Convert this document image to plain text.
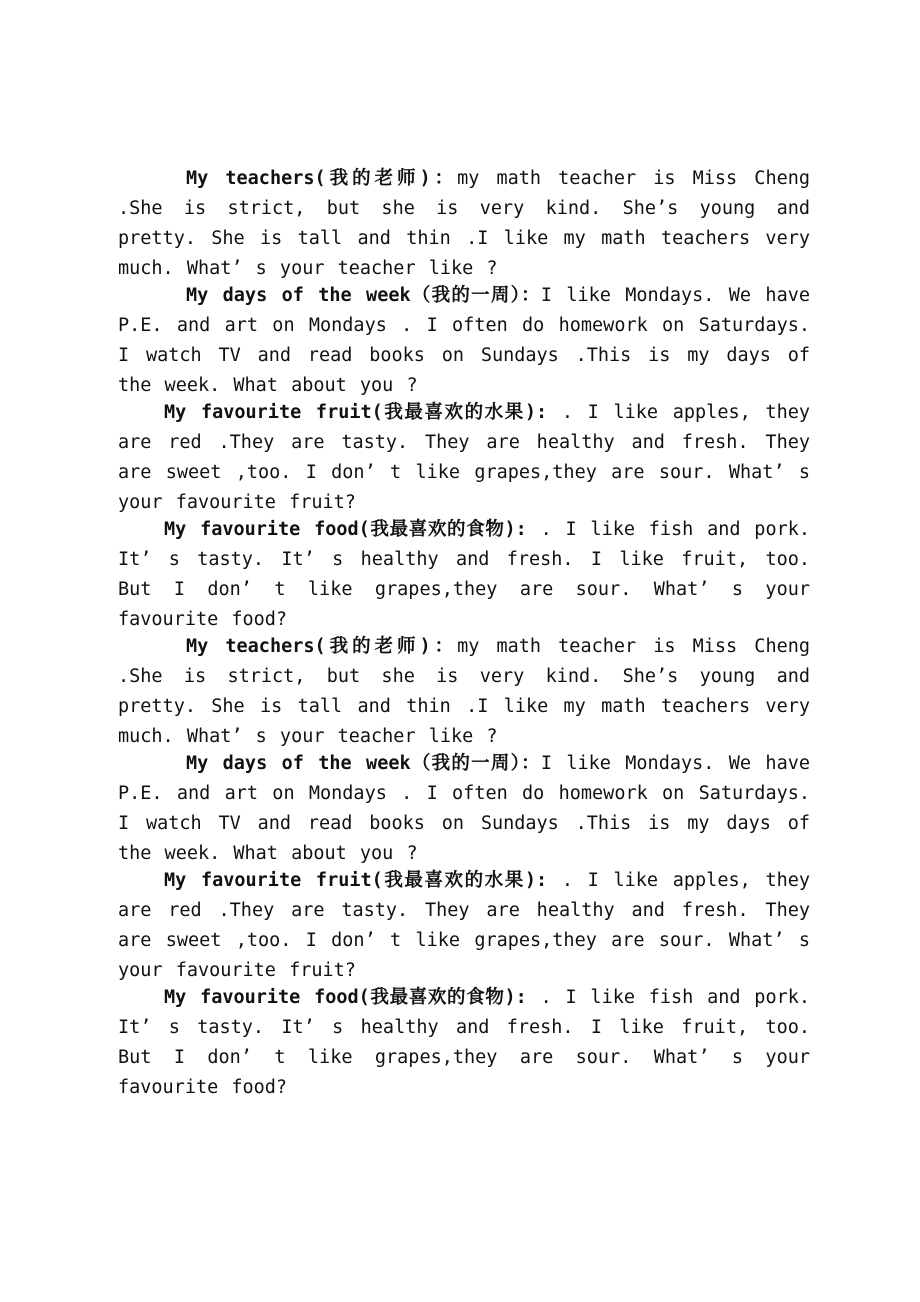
My teachers(我的老师)：my math teacher is Miss Cheng .She is strict, but she is very kind. She’s young and pretty. She is tall and thin .I like my math teachers very much. What’ s your teacher like ?

My days of the week（我的一周）：I like Mondays. We have P.E. and art on Mondays . I often do homework on Saturdays. I watch TV and read books on Sundays .This is my days of the week. What about you ?

My favourite fruit(我最喜欢的水果): . I like apples, they are red .They are tasty. They are healthy and fresh. They are sweet ,too. I don’ t like grapes,they are sour. What’ s your favourite fruit?

My favourite food(我最喜欢的食物): . I like fish and pork. It’ s tasty. It’ s healthy and fresh. I like fruit, too. But I don’ t like grapes,they are sour. What’ s your favourite food?

My teachers(我的老师)：my math teacher is Miss Cheng .She is strict, but she is very kind. She’s young and pretty. She is tall and thin .I like my math teachers very much. What’ s your teacher like ?

My days of the week（我的一周）：I like Mondays. We have P.E. and art on Mondays . I often do homework on Saturdays. I watch TV and read books on Sundays .This is my days of the week. What about you ?

My favourite fruit(我最喜欢的水果): . I like apples, they are red .They are tasty. They are healthy and fresh. They are sweet ,too. I don’ t like grapes,they are sour. What’ s your favourite fruit?

My favourite food(我最喜欢的食物): . I like fish and pork. It’ s tasty. It’ s healthy and fresh. I like fruit, too. But I don’ t like grapes,they are sour. What’ s your favourite food?
